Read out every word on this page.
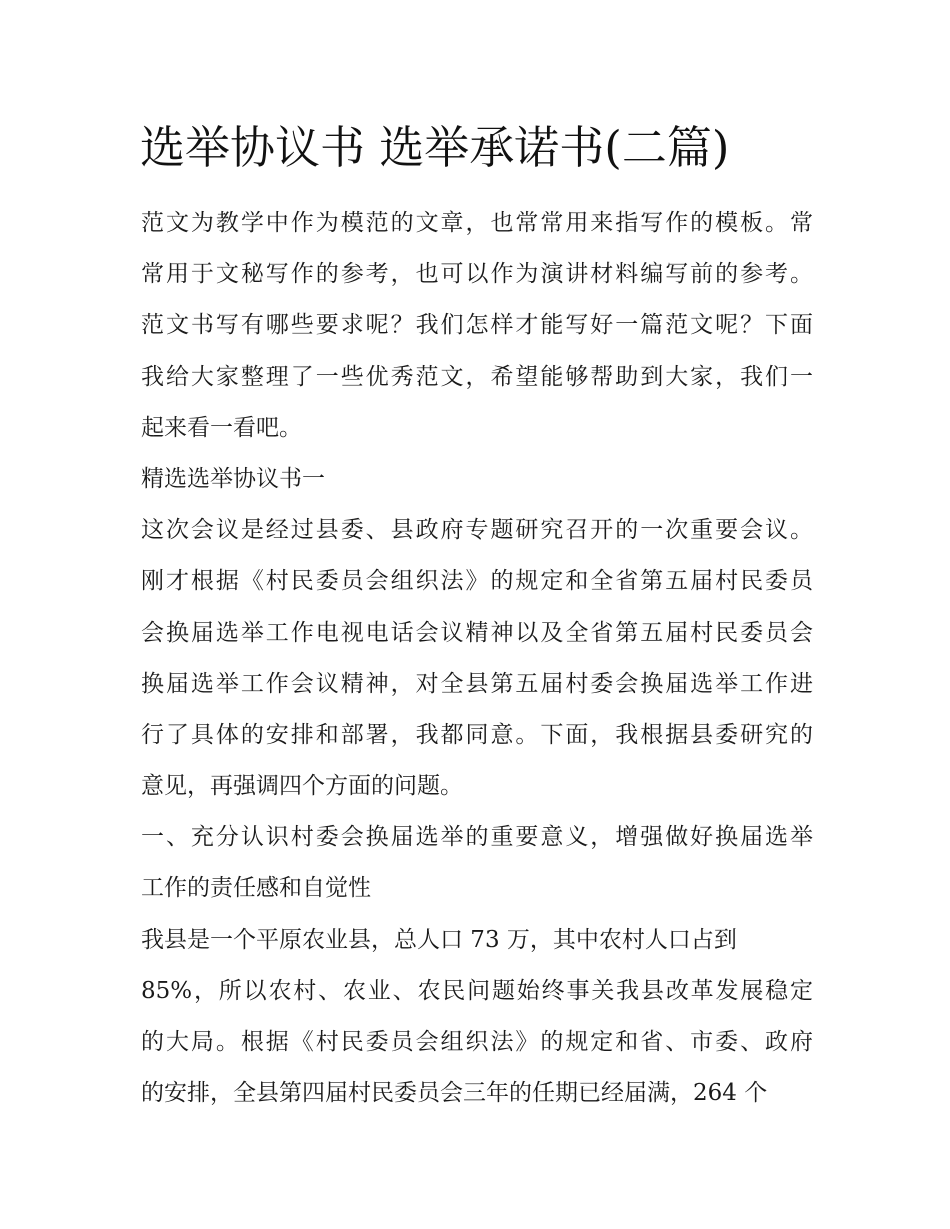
选举协议书 选举承诺书(二篇)
范文为教学中作为模范的文章，也常常用来指写作的模板。常
常用于文秘写作的参考，也可以作为演讲材料编写前的参考。
范文书写有哪些要求呢？我们怎样才能写好一篇范文呢？下面
我给大家整理了一些优秀范文，希望能够帮助到大家，我们一
起来看一看吧。
精选选举协议书一
这次会议是经过县委、县政府专题研究召开的一次重要会议。
刚才根据《村民委员会组织法》的规定和全省第五届村民委员
会换届选举工作电视电话会议精神以及全省第五届村民委员会
换届选举工作会议精神，对全县第五届村委会换届选举工作进
行了具体的安排和部署，我都同意。下面，我根据县委研究的
意见，再强调四个方面的问题。
一、充分认识村委会换届选举的重要意义，增强做好换届选举
工作的责任感和自觉性
我县是一个平原农业县，总人口 73 万，其中农村人口占到
85%，所以农村、农业、农民问题始终事关我县改革发展稳定
的大局。根据《村民委员会组织法》的规定和省、市委、政府
的安排，全县第四届村民委员会三年的任期已经届满，264 个
